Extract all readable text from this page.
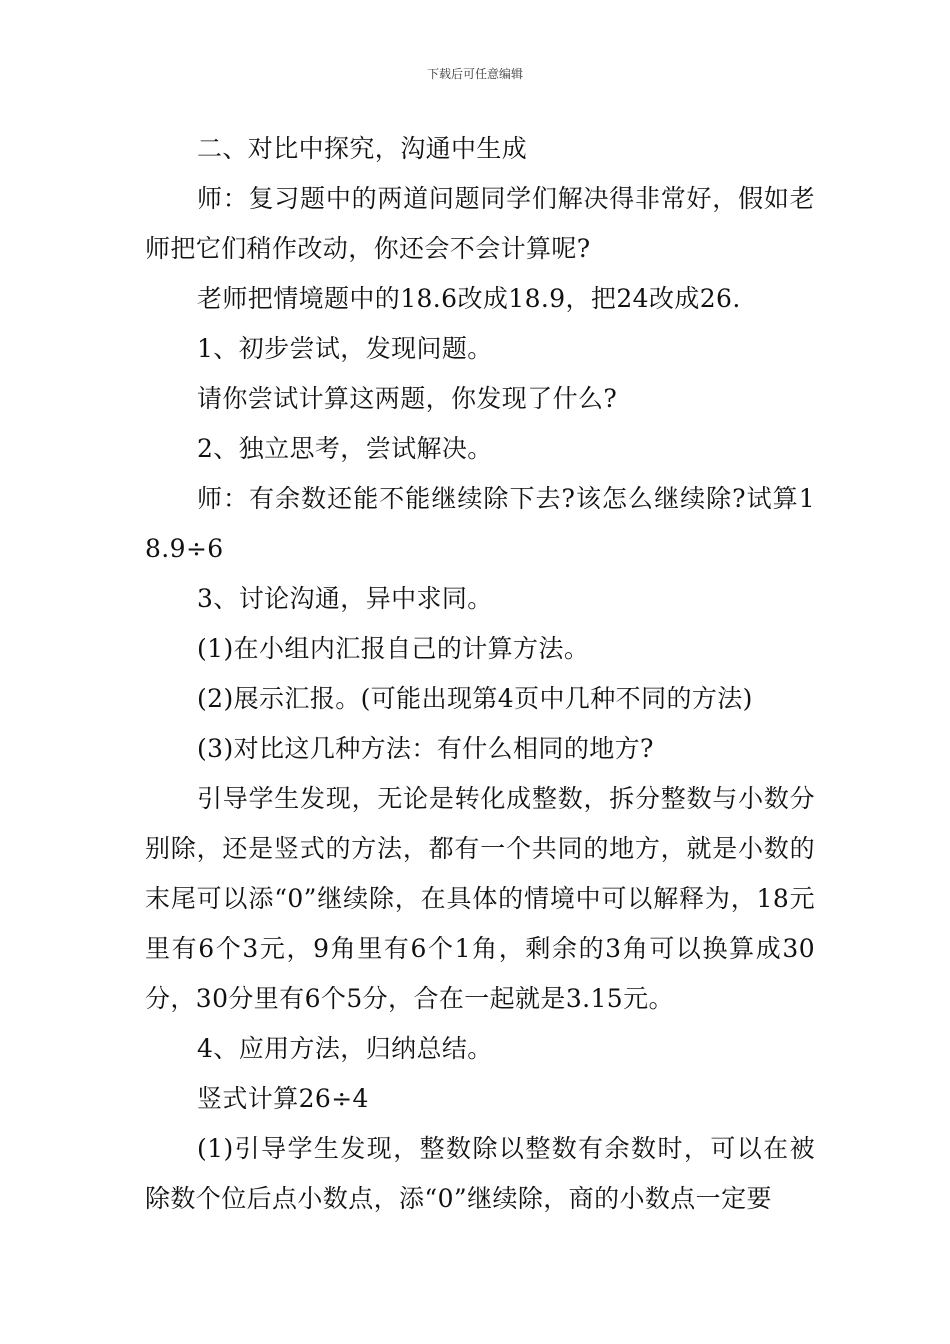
下载后可任意编辑

二、对比中探究，沟通中生成

师：复习题中的两道问题同学们解决得非常好，假如老师把它们稍作改动，你还会不会计算呢?

老师把情境题中的18.6改成18.9，把24改成26.

1、初步尝试，发现问题。

请你尝试计算这两题，你发现了什么?

2、独立思考，尝试解决。

师：有余数还能不能继续除下去?该怎么继续除?试算18.9÷6

3、讨论沟通，异中求同。

(1)在小组内汇报自己的计算方法。

(2)展示汇报。(可能出现第4页中几种不同的方法)

(3)对比这几种方法：有什么相同的地方?

引导学生发现，无论是转化成整数，拆分整数与小数分别除，还是竖式的方法，都有一个共同的地方，就是小数的末尾可以添“0”继续除，在具体的情境中可以解释为，18元里有6个3元，9角里有6个1角，剩余的3角可以换算成30分，30分里有6个5分，合在一起就是3.15元。

4、应用方法，归纳总结。

竖式计算26÷4

(1)引导学生发现，整数除以整数有余数时，可以在被除数个位后点小数点，添“0”继续除，商的小数点一定要
